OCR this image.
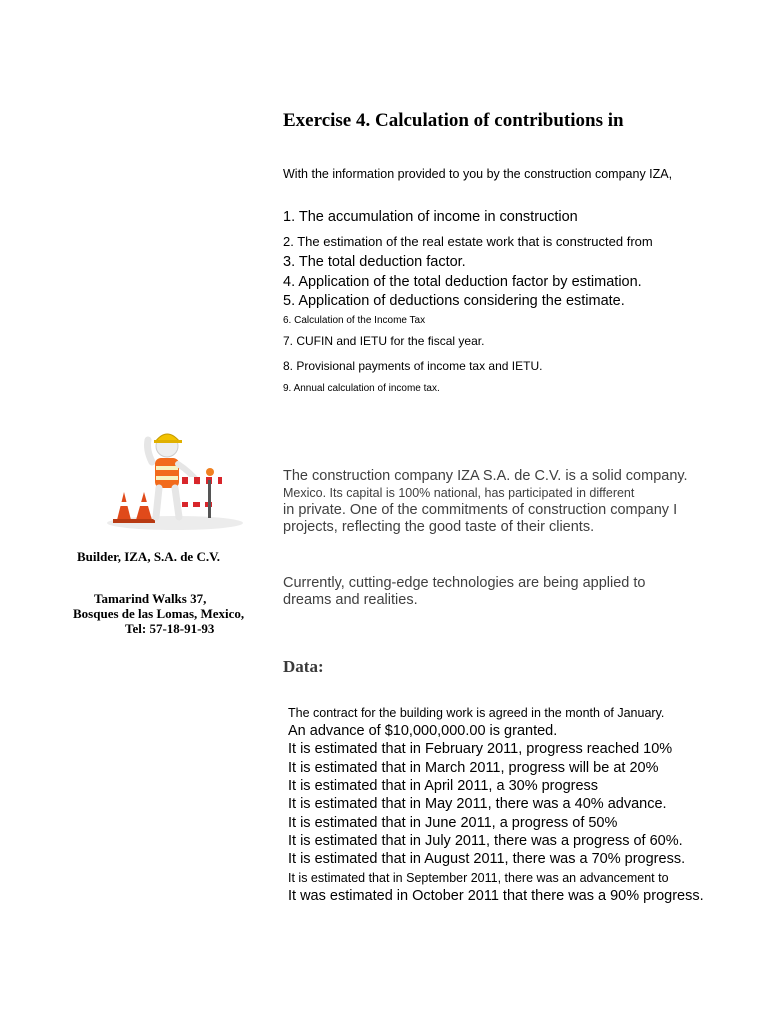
Exercise 4. Calculation of contributions in
With the information provided to you by the construction company IZA,
1. The accumulation of income in construction
2. The estimation of the real estate work that is constructed from
3. The total deduction factor.
4. Application of the total deduction factor by estimation.
5. Application of deductions considering the estimate.
6. Calculation of the Income Tax
7. CUFIN and IETU for the fiscal year.
8. Provisional payments of income tax and IETU.
9. Annual calculation of income tax.
Builder, IZA, S.A. de C.V.
Tamarind Walks 37,
Bosques de las Lomas, Mexico,
Tel: 57-18-91-93
The construction company IZA S.A. de C.V. is a solid company.
Mexico. Its capital is 100% national, has participated in different
in private. One of the commitments of construction company I
projects, reflecting the good taste of their clients.
Currently, cutting-edge technologies are being applied to
dreams and realities.
Data:
The contract for the building work is agreed in the month of January.
An advance of $10,000,000.00 is granted.
It is estimated that in February 2011, progress reached 10%
It is estimated that in March 2011, progress will be at 20%
It is estimated that in April 2011, a 30% progress
It is estimated that in May 2011, there was a 40% advance.
It is estimated that in June 2011, a progress of 50%
It is estimated that in July 2011, there was a progress of 60%.
It is estimated that in August 2011, there was a 70% progress.
It is estimated that in September 2011, there was an advancement to
It was estimated in October 2011 that there was a 90% progress.
